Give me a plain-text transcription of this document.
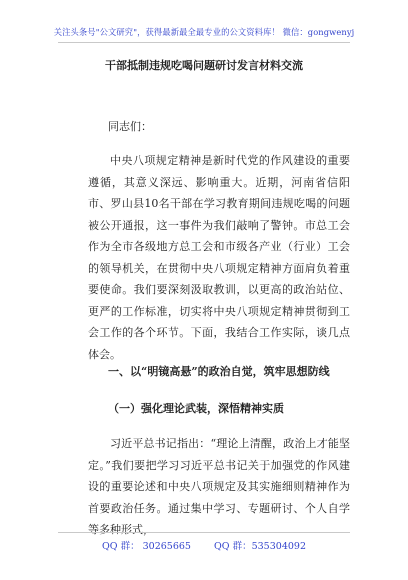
关注头条号"公文研究"，获得最新最全最专业的公文资料库！ 微信：gongwenyj
干部抵制违规吃喝问题研讨发言材料交流
同志们：

中央八项规定精神是新时代党的作风建设的重要遵循，其意义深远、影响重大。近期，河南省信阳市、罗山县10名干部在学习教育期间违规吃喝的问题被公开通报，这一事件为我们敲响了警钟。市总工会作为全市各级地方总工会和市级各产业（行业）工会的领导机关，在贯彻中央八项规定精神方面肩负着重要使命。我们要深刻汲取教训，以更高的政治站位、更严的工作标准，切实将中央八项规定精神贯彻到工会工作的各个环节。下面，我结合工作实际，谈几点体会。

一、以“明镜高悬”的政治自觉，筑牢思想防线

（一）强化理论武装，深悟精神实质

习近平总书记指出：“理论上清醒，政治上才能坚定。”我们要把学习习近平总书记关于加强党的作风建设的重要论述和中央八项规定及其实施细则精神作为首要政治任务。通过集中学习、专题研讨、个人自学等多种形式，

QQ 群： 30265665 QQ 群：535304092
